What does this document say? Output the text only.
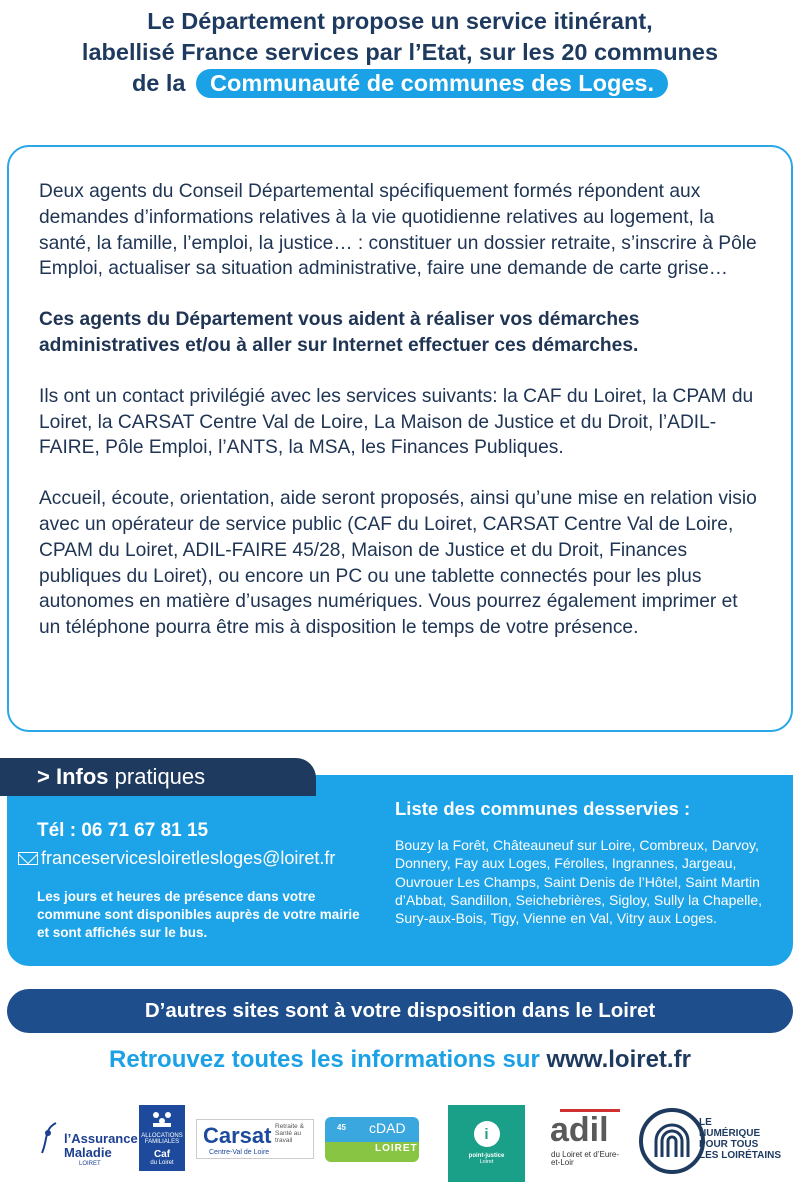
Le Département propose un service itinérant,
labellisé France services par l’Etat, sur les 20 communes
de la Communauté de communes des Loges.

Deux agents du Conseil Départemental spécifiquement formés répondent aux demandes d’informations relatives à la vie quotidienne relatives au logement, la santé, la famille, l’emploi, la justice… : constituer un dossier retraite, s’inscrire à Pôle Emploi, actualiser sa situation administrative, faire une demande de carte grise…

Ces agents du Département vous aident à réaliser vos démarches administratives et/ou à aller sur Internet effectuer ces démarches.

Ils ont un contact privilégié avec les services suivants: la CAF du Loiret, la CPAM du Loiret, la CARSAT Centre Val de Loire, La Maison de Justice et du Droit, l’ADIL-FAIRE, Pôle Emploi, l’ANTS, la MSA, les Finances Publiques.

Accueil, écoute, orientation, aide seront proposés, ainsi qu’une mise en relation visio avec un opérateur de service public (CAF du Loiret, CARSAT Centre Val de Loire, CPAM du Loiret, ADIL-FAIRE 45/28, Maison de Justice et du Droit, Finances publiques du Loiret), ou encore un PC ou une tablette connectés pour les plus autonomes en matière d’usages numériques. Vous pourrez également imprimer et un téléphone pourra être mis à disposition le temps de votre présence.

> Infos pratiques
Tél : 06 71 67 81 15
franceservicesloiretlesloges@loiret.fr
Les jours et heures de présence dans votre commune sont disponibles auprès de votre mairie et sont affichés sur le bus.
Liste des communes desservies :
Bouzy la Forêt, Châteauneuf sur Loire, Combreux, Darvoy, Donnery, Fay aux Loges, Férolles, Ingrannes, Jargeau, Ouvrouer Les Champs, Saint Denis de l’Hôtel, Saint Martin d’Abbat, Sandillon, Seichebrières, Sigloy, Sully la Chapelle, Sury-aux-Bois, Tigy, Vienne en Val, Vitry aux Loges.
D’autres sites sont à votre disposition dans le Loiret
Retrouvez toutes les informations sur www.loiret.fr
l’Assurance
Maladie
LOIRET
ALLOCATIONS FAMILIALES
Caf
du Loiret
Carsat Retraite & Santé au travail
Centre-Val de Loire
45 cDAD
LOIRET
i
point-justice
Loiret
adil
du Loiret et d’Eure-et-Loir
LE
NUMÉRIQUE
POUR TOUS
LES LOIRÉTAINS
